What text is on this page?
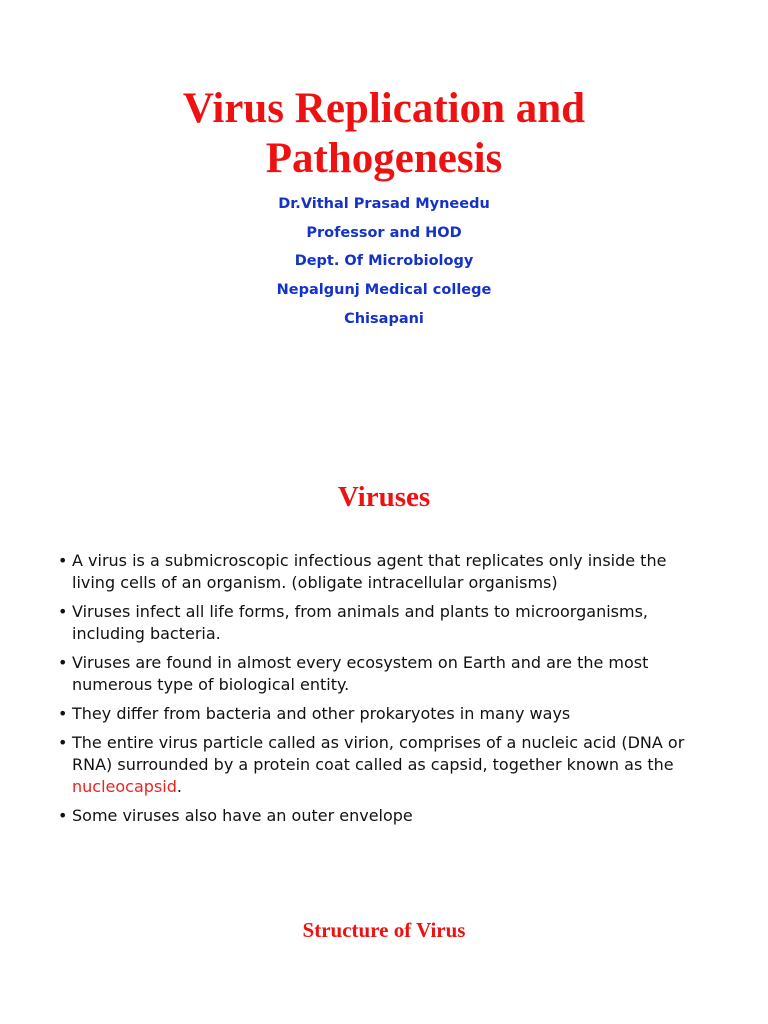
Virus Replication and
Pathogenesis
Dr.Vithal Prasad Myneedu
Professor and HOD
Dept. Of Microbiology
Nepalgunj Medical college
Chisapani
Viruses
• A virus is a submicroscopic infectious agent that replicates only inside the
living cells of an organism. (obligate intracellular organisms)
• Viruses infect all life forms, from animals and plants to microorganisms,
including bacteria.
• Viruses are found in almost every ecosystem on Earth and are the most
numerous type of biological entity.
• They differ from bacteria and other prokaryotes in many ways
• The entire virus particle called as virion, comprises of a nucleic acid (DNA or
RNA) surrounded by a protein coat called as capsid, together known as the
nucleocapsid.
• Some viruses also have an outer envelope
Structure of Virus
